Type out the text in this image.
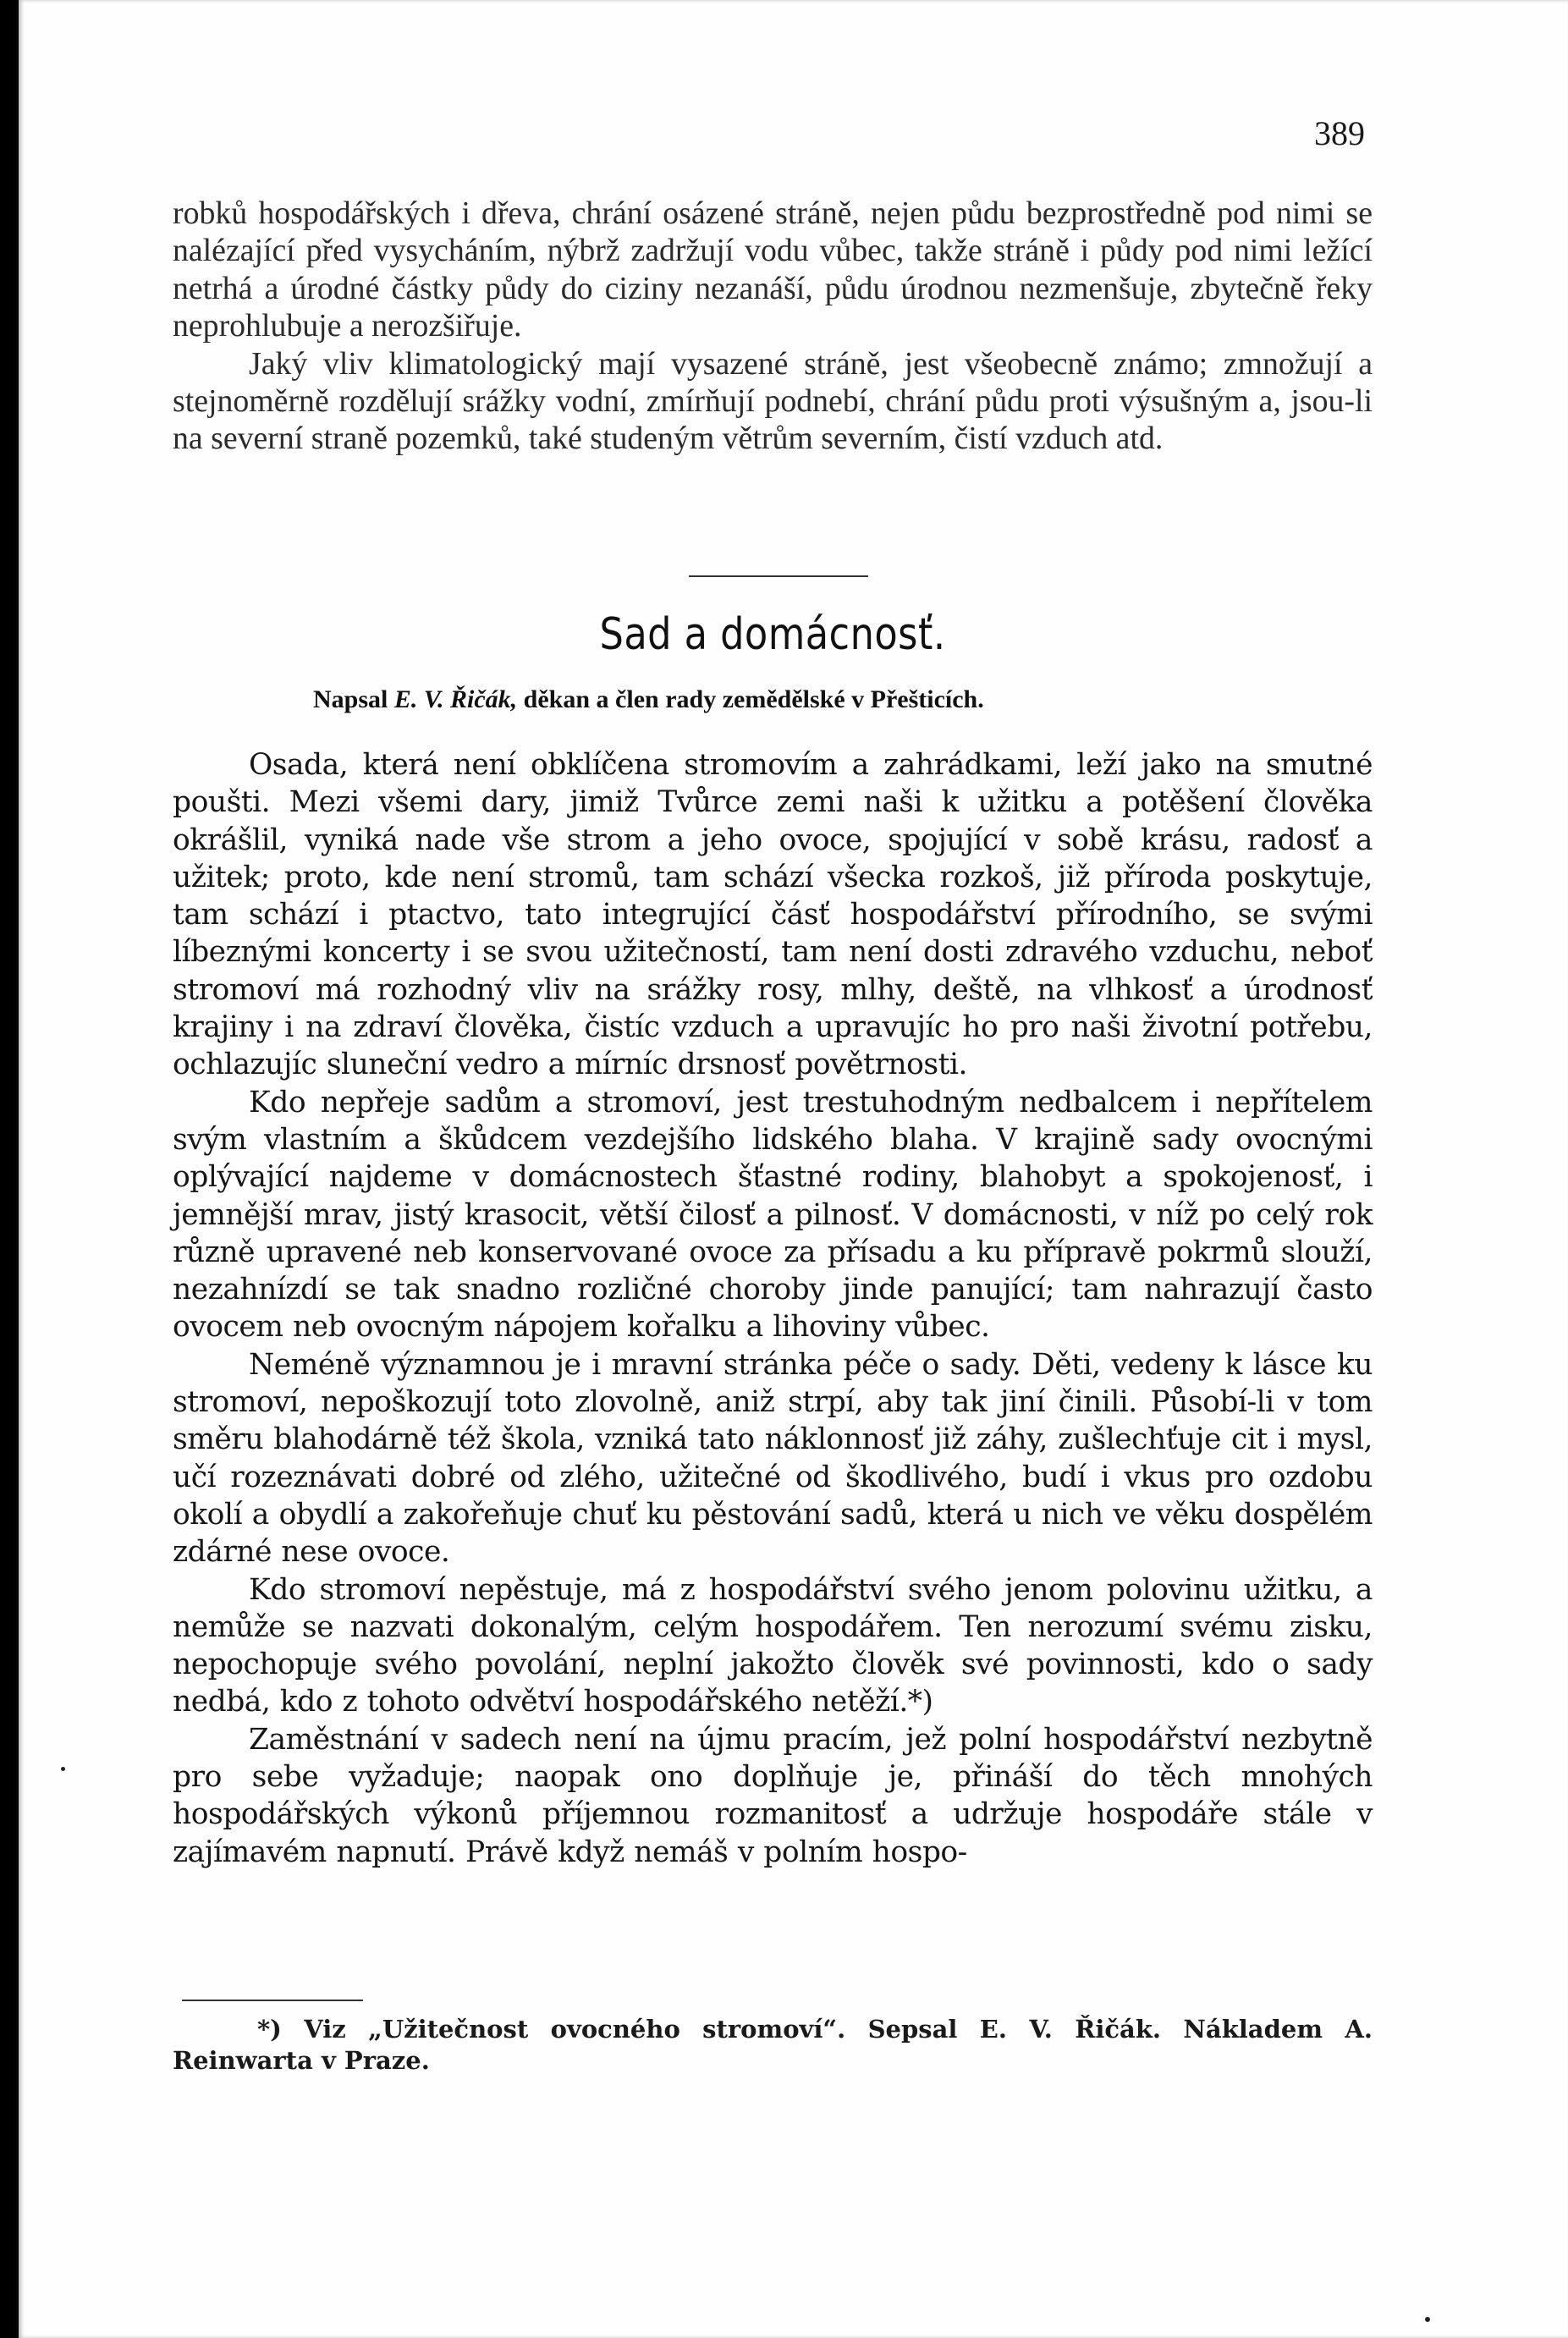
389

robků hospodářských i dřeva, chrání osázené stráně, nejen půdu bezprostředně pod nimi se nalézající před vysycháním, nýbrž zadržují vodu vůbec, takže stráně i půdy pod nimi ležící netrhá a úrodné částky půdy do ciziny nezanáší, půdu úrodnou nezmenšuje, zbytečně řeky neprohlubuje a nerozšiřuje.

Jaký vliv klimatologický mají vysazené stráně, jest všeobecně známo; zmnožují a stejnoměrně rozdělují srážky vodní, zmírňují podnebí, chrání půdu proti výsušným a, jsou-li na severní straně pozemků, také studeným větrům severním, čistí vzduch atd.

Sad a domácnosť.
Napsal E. V. Řičák, děkan a člen rady zemědělské v Přešticích.

Osada, která není obklíčena stromovím a zahrádkami, leží jako na smutné poušti. Mezi všemi dary, jimiž Tvůrce zemi naši k užitku a potěšení člověka okrášlil, vyniká nade vše strom a jeho ovoce, spojující v sobě krásu, radosť a užitek; proto, kde není stromů, tam schází všecka rozkoš, již příroda poskytuje, tam schází i ptactvo, tato integrující čásť hospodářství přírodního, se svými líbeznými koncerty i se svou užitečností, tam není dosti zdravého vzduchu, neboť stromoví má rozhodný vliv na srážky rosy, mlhy, deště, na vlhkosť a úrodnosť krajiny i na zdraví člověka, čistíc vzduch a upravujíc ho pro naši životní potřebu, ochlazujíc sluneční vedro a mírníc drsnosť povětrnosti.

Kdo nepřeje sadům a stromoví, jest trestuhodným nedbalcem i nepřítelem svým vlastním a škůdcem vezdejšího lidského blaha. V krajině sady ovocnými oplývající najdeme v domácnostech šťastné rodiny, blahobyt a spokojenosť, i jemnější mrav, jistý krasocit, větší čilosť a pilnosť. V domácnosti, v níž po celý rok různě upravené neb konservované ovoce za přísadu a ku přípravě pokrmů slouží, nezahnízdí se tak snadno rozličné choroby jinde panující; tam nahrazují často ovocem neb ovocným nápojem kořalku a lihoviny vůbec.

Neméně významnou je i mravní stránka péče o sady. Děti, vedeny k lásce ku stromoví, nepoškozují toto zlovolně, aniž strpí, aby tak jiní činili. Působí-li v tom směru blahodárně též škola, vzniká tato náklonnosť již záhy, zušlechťuje cit i mysl, učí rozeznávati dobré od zlého, užitečné od škodlivého, budí i vkus pro ozdobu okolí a obydlí a zakořeňuje chuť ku pěstování sadů, která u nich ve věku dospělém zdárné nese ovoce.

Kdo stromoví nepěstuje, má z hospodářství svého jenom polovinu užitku, a nemůže se nazvati dokonalým, celým hospodářem. Ten nerozumí svému zisku, nepochopuje svého povolání, neplní jakožto člověk své povinnosti, kdo o sady nedbá, kdo z tohoto odvětví hospodářského netěží.*)

Zaměstnání v sadech není na újmu pracím, jež polní hospodářství nezbytně pro sebe vyžaduje; naopak ono doplňuje je, přináší do těch mnohých hospodářských výkonů příjemnou rozmanitosť a udržuje hospodáře stále v zajímavém napnutí. Právě když nemáš v polním hospo-

*) Viz „Užitečnost ovocného stromoví“. Sepsal E. V. Řičák. Nákladem A. Reinwarta v Praze.
